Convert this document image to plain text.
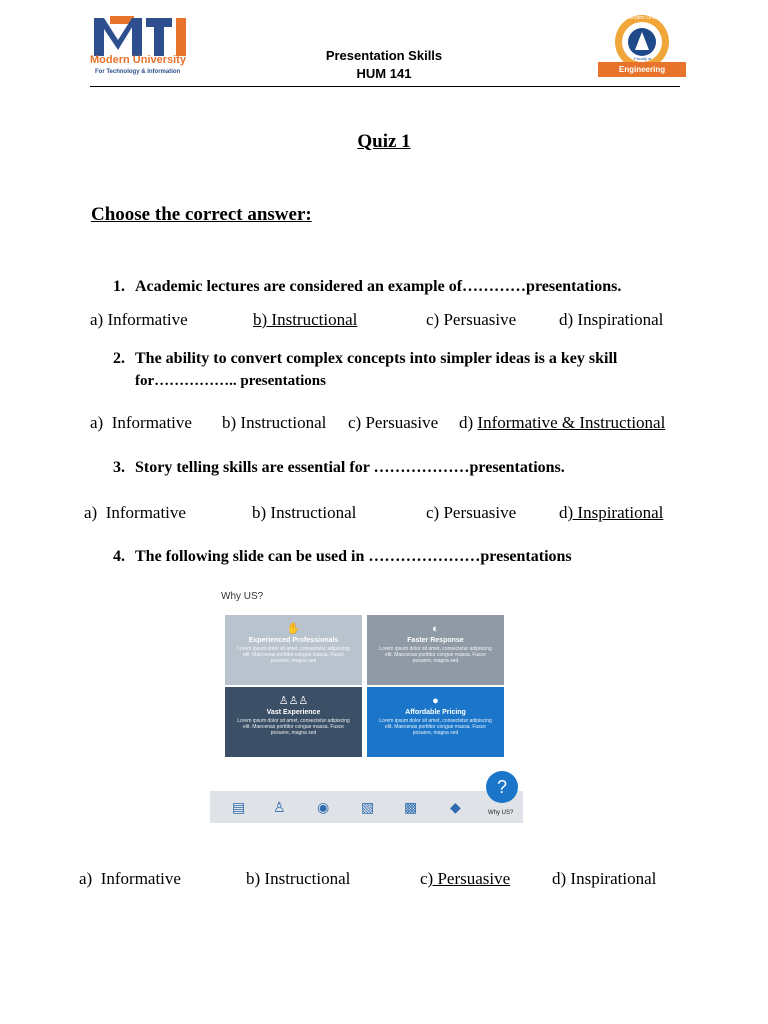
Modern University
For Technology & Information
Presentation Skills
HUM 141
Modern University
Faculty of
Engineering
Quiz 1
Choose the correct answer:
1. Academic lectures are considered an example of…………presentations.
a) Informative	b) Instructional	c) Persuasive	d) Inspirational
2. The ability to convert complex concepts into simpler ideas is a key skill
for…………….. presentations
a)  Informative b) Instructional c) Persuasive d) Informative & Instructional
3. Story telling skills are essential for ………………presentations.
a)  Informative	b) Instructional	c) Persuasive	d) Inspirational
4. The following slide can be used in …………………presentations
Why US?
✋
Experienced Professionals
Lorem ipsum dolor sit amet, consectetur adipiscing elit. Maecenas porttitor congue massa. Fusce posuere, magna sed
◐
Faster Response
Lorem ipsum dolor sit amet, consectetur adipiscing elit. Maecenas porttitor congue massa. Fusce posuere, magna sed
♙♙♙
Vast Experience
Lorem ipsum dolor sit amet, consectetur adipiscing elit. Maecenas porttitor congue massa. Fusce posuere, magna sed
●
Affordable Pricing
Lorem ipsum dolor sit amet, consectetur adipiscing elit. Maecenas porttitor congue massa. Fusce posuere, magna sed
▤ ♙ ◉ ▧ ▩ ◆
?
Why US?
a)  Informative	b) Instructional	c) Persuasive d) Inspirational
